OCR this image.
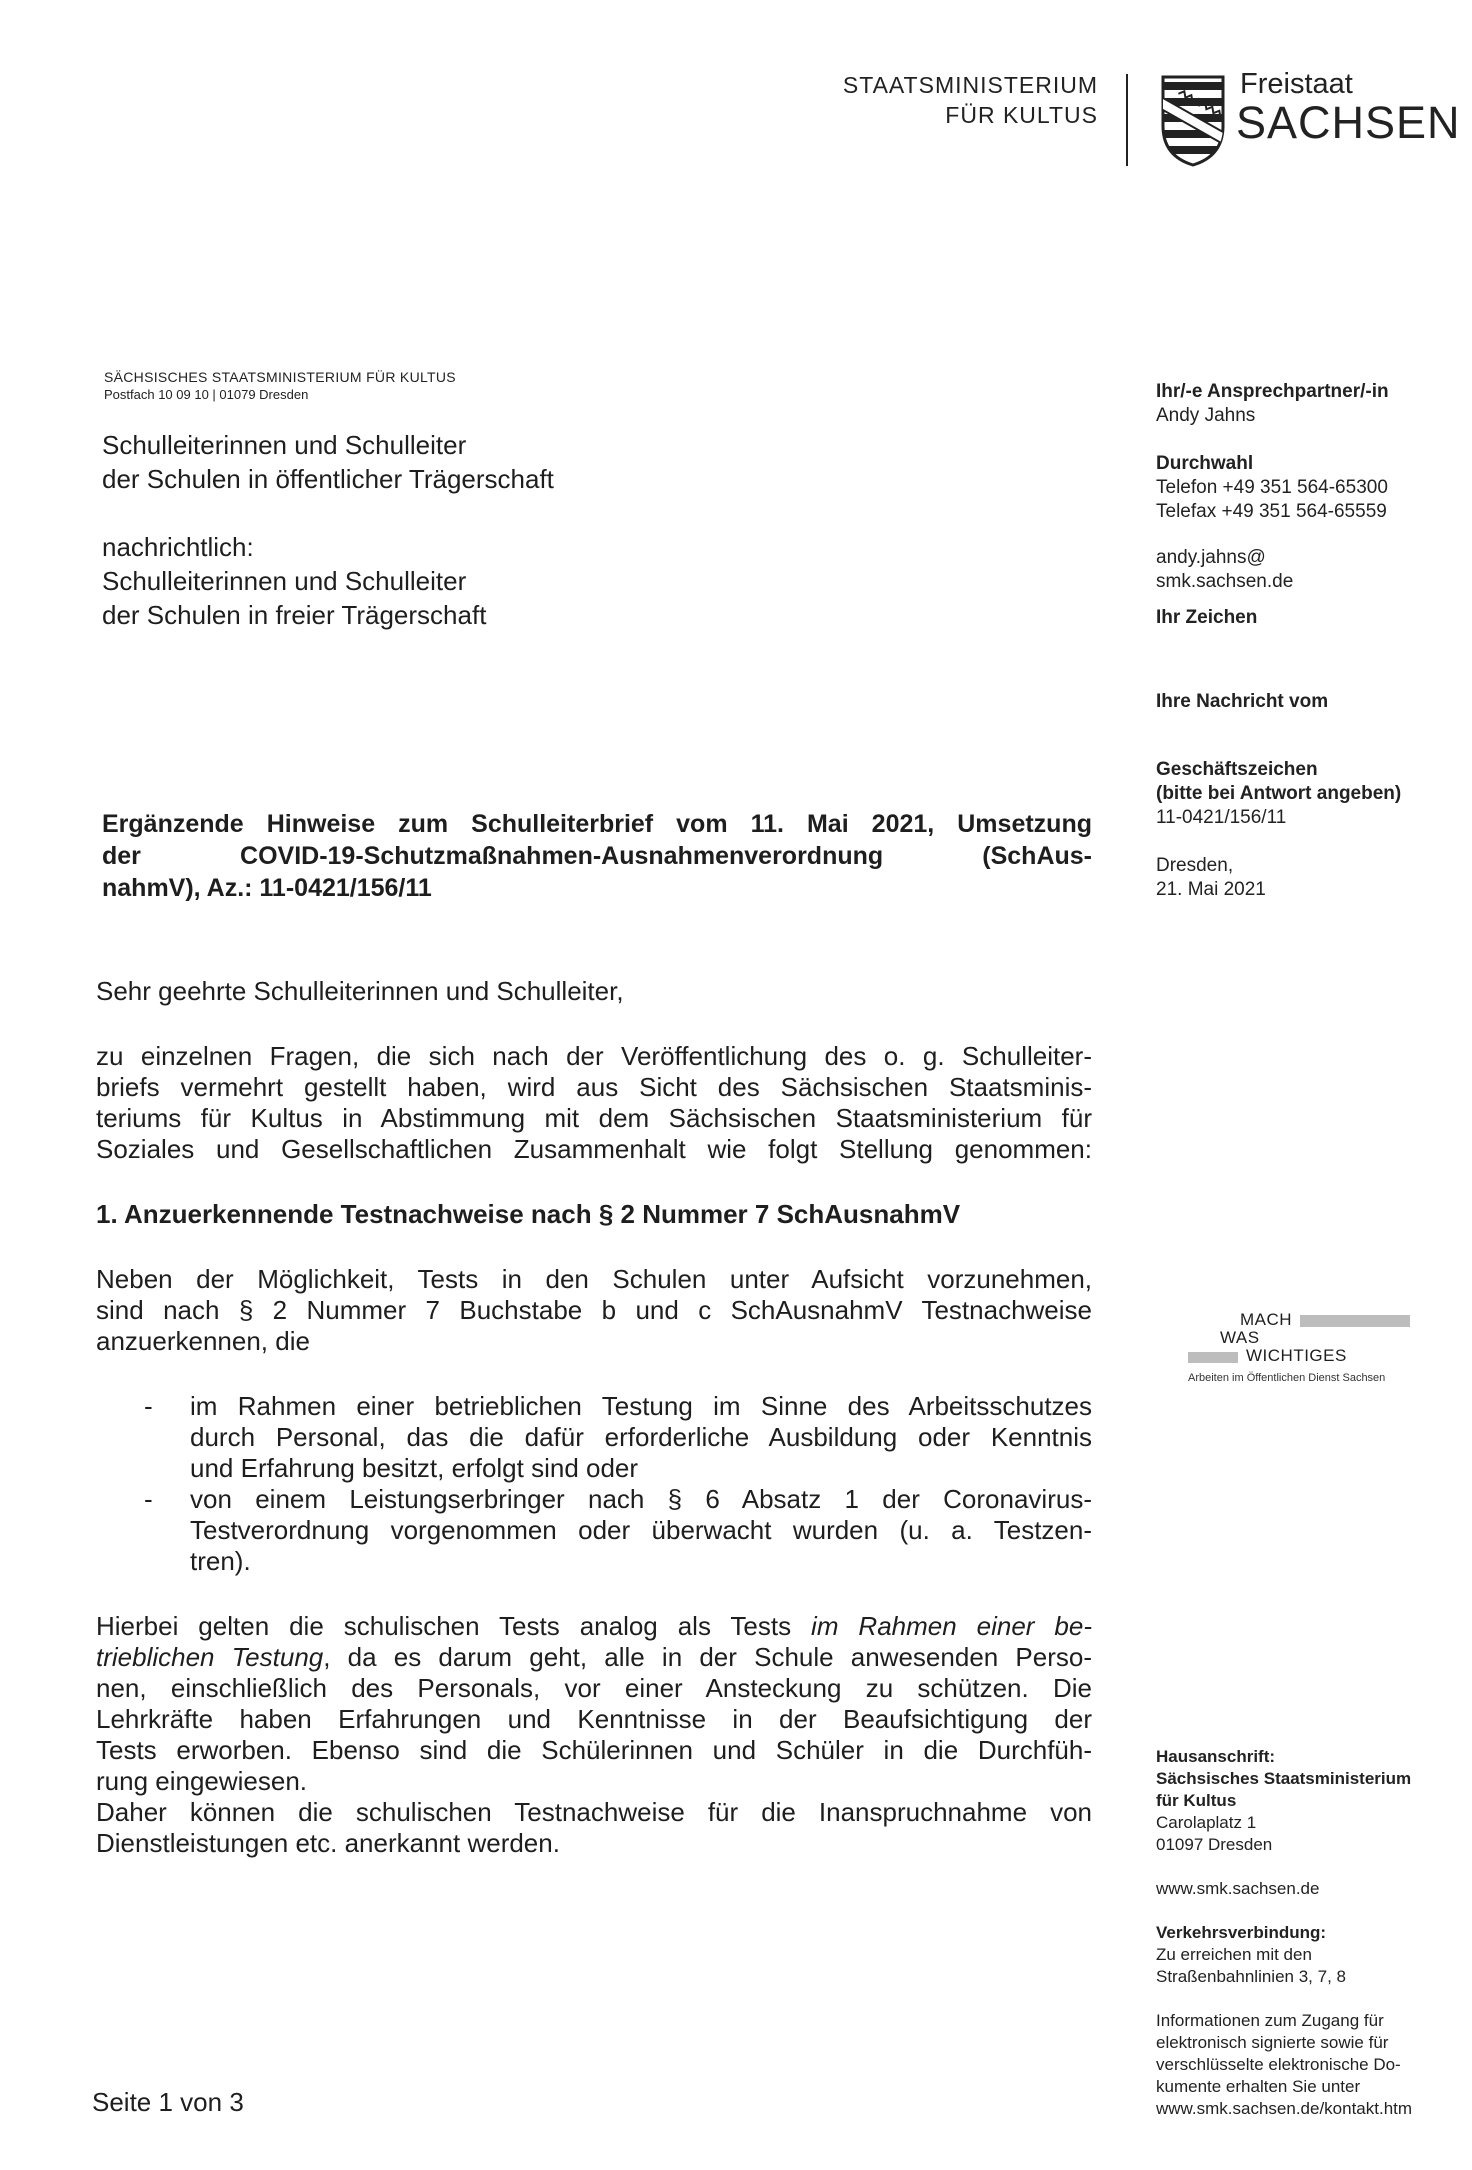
STAATSMINISTERIUM
FÜR KULTUS
Freistaat
SACHSEN
SÄCHSISCHES STAATSMINISTERIUM FÜR KULTUS
Postfach 10 09 10 | 01079 Dresden
Schulleiterinnen und Schulleiter
der Schulen in öffentlicher Trägerschaft
nachrichtlich:
Schulleiterinnen und Schulleiter
der Schulen in freier Trägerschaft
Ihr/-e Ansprechpartner/-in
Andy Jahns
Durchwahl
Telefon +49 351 564-65300
Telefax +49 351 564-65559
andy.jahns@
smk.sachsen.de
Ihr Zeichen
Ihre Nachricht vom
Geschäftszeichen
(bitte bei Antwort angeben)
11-0421/156/11
Dresden,
21. Mai 2021
Ergänzende Hinweise zum Schulleiterbrief vom 11. Mai 2021, Umsetzung
der COVID-19-Schutzmaßnahmen-Ausnahmenverordnung (SchAus-
nahmV), Az.: 11-0421/156/11
Sehr geehrte Schulleiterinnen und Schulleiter,
zu einzelnen Fragen, die sich nach der Veröffentlichung des o. g. Schulleiter-
briefs vermehrt gestellt haben, wird aus Sicht des Sächsischen Staatsminis-
teriums für Kultus in Abstimmung mit dem Sächsischen Staatsministerium für
Soziales und Gesellschaftlichen Zusammenhalt wie folgt Stellung genommen:
1. Anzuerkennende Testnachweise nach § 2 Nummer 7 SchAusnahmV
Neben der Möglichkeit, Tests in den Schulen unter Aufsicht vorzunehmen,
sind nach § 2 Nummer 7 Buchstabe b und c SchAusnahmV Testnachweise
anzuerkennen, die
- im Rahmen einer betrieblichen Testung im Sinne des Arbeitsschutzes
durch Personal, das die dafür erforderliche Ausbildung oder Kenntnis
und Erfahrung besitzt, erfolgt sind oder
- von einem Leistungserbringer nach § 6 Absatz 1 der Coronavirus-
Testverordnung vorgenommen oder überwacht wurden (u. a. Testzen-
tren).
Hierbei gelten die schulischen Tests analog als Tests im Rahmen einer be-
trieblichen Testung, da es darum geht, alle in der Schule anwesenden Perso-
nen, einschließlich des Personals, vor einer Ansteckung zu schützen. Die
Lehrkräfte haben Erfahrungen und Kenntnisse in der Beaufsichtigung der
Tests erworben. Ebenso sind die Schülerinnen und Schüler in die Durchfüh-
rung eingewiesen.
Daher können die schulischen Testnachweise für die Inanspruchnahme von
Dienstleistungen etc. anerkannt werden.
MACH
WAS
WICHTIGES
Arbeiten im Öffentlichen Dienst Sachsen
Hausanschrift:
Sächsisches Staatsministerium
für Kultus
Carolaplatz 1
01097 Dresden
www.smk.sachsen.de
Verkehrsverbindung:
Zu erreichen mit den
Straßenbahnlinien 3, 7, 8
Informationen zum Zugang für
elektronisch signierte sowie für
verschlüsselte elektronische Do-
kumente erhalten Sie unter
www.smk.sachsen.de/kontakt.htm
Seite 1 von 3
